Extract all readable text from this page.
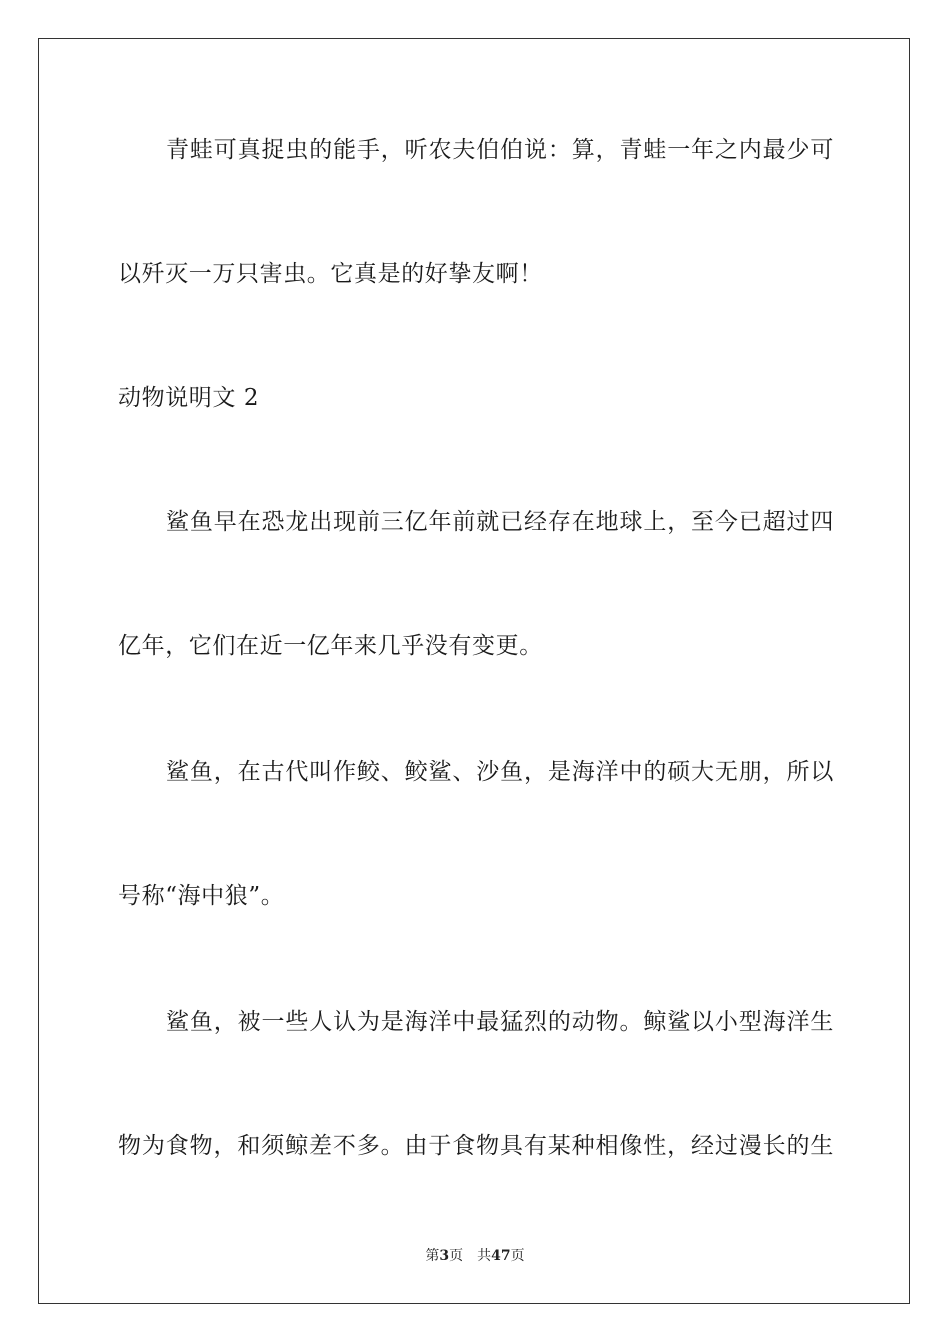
青蛙可真捉虫的能手，听农夫伯伯说：算，青蛙一年之内最少可
以歼灭一万只害虫。它真是的好挚友啊！
动物说明文 2
鲨鱼早在恐龙出现前三亿年前就已经存在地球上，至今已超过四
亿年，它们在近一亿年来几乎没有变更。
鲨鱼，在古代叫作鲛、鲛鲨、沙鱼，是海洋中的硕大无朋，所以
号称“海中狼”。
鲨鱼，被一些人认为是海洋中最猛烈的动物。鲸鲨以小型海洋生
物为食物，和须鲸差不多。由于食物具有某种相像性，经过漫长的生
第3页 共47页
